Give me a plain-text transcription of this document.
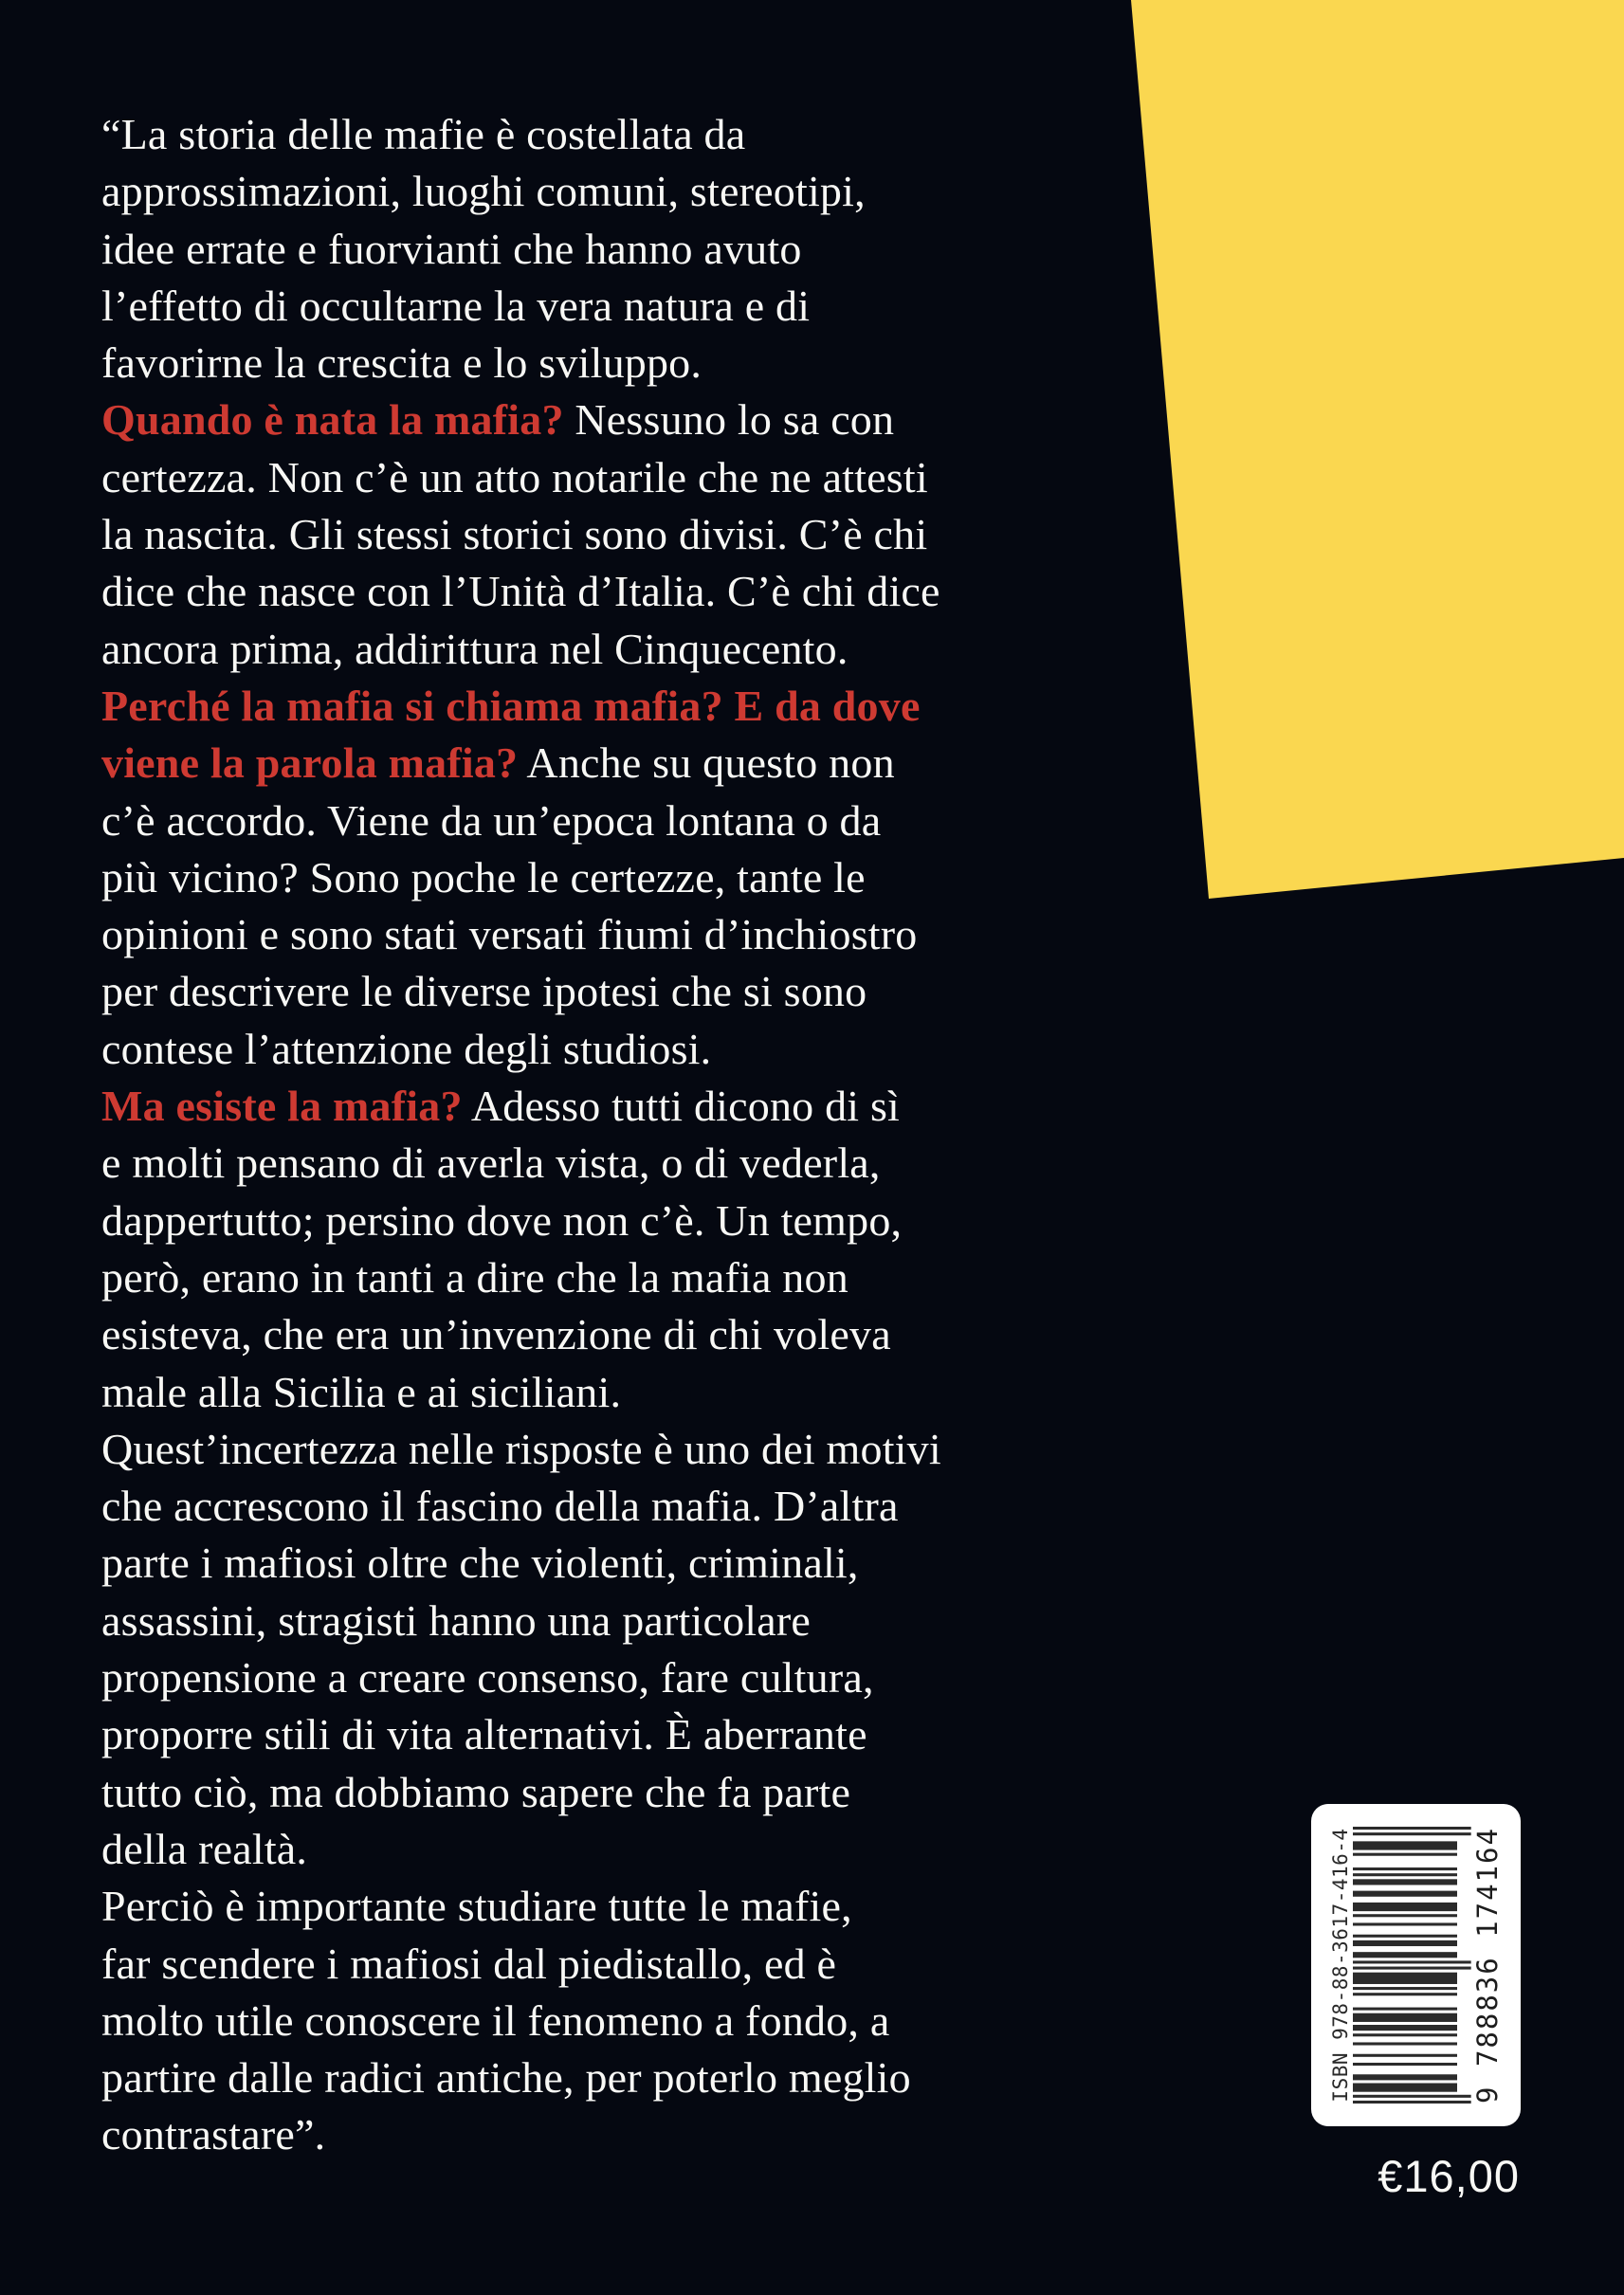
“La storia delle mafie è costellata da
approssimazioni, luoghi comuni, stereotipi,
idee errate e fuorvianti che hanno avuto
l’effetto di occultarne la vera natura e di
favorirne la crescita e lo sviluppo.
Quando è nata la mafia? Nessuno lo sa con
certezza. Non c’è un atto notarile che ne attesti
la nascita. Gli stessi storici sono divisi. C’è chi
dice che nasce con l’Unità d’Italia. C’è chi dice
ancora prima, addirittura nel Cinquecento.
Perché la mafia si chiama mafia? E da dove
viene la parola mafia? Anche su questo non
c’è accordo. Viene da un’epoca lontana o da
più vicino? Sono poche le certezze, tante le
opinioni e sono stati versati fiumi d’inchiostro
per descrivere le diverse ipotesi che si sono
contese l’attenzione degli studiosi.
Ma esiste la mafia? Adesso tutti dicono di sì
e molti pensano di averla vista, o di vederla,
dappertutto; persino dove non c’è. Un tempo,
però, erano in tanti a dire che la mafia non
esisteva, che era un’invenzione di chi voleva
male alla Sicilia e ai siciliani.
Quest’incertezza nelle risposte è uno dei motivi
che accrescono il fascino della mafia. D’altra
parte i mafiosi oltre che violenti, criminali,
assassini, stragisti hanno una particolare
propensione a creare consenso, fare cultura,
proporre stili di vita alternativi. È aberrante
tutto ciò, ma dobbiamo sapere che fa parte
della realtà.
Perciò è importante studiare tutte le mafie,
far scendere i mafiosi dal piedistallo, ed è
molto utile conoscere il fenomeno a fondo, a
partire dalle radici antiche, per poterlo meglio
contrastare”.
ISBN 978-88-3617-416-4	9 788836 174164
€16,00
